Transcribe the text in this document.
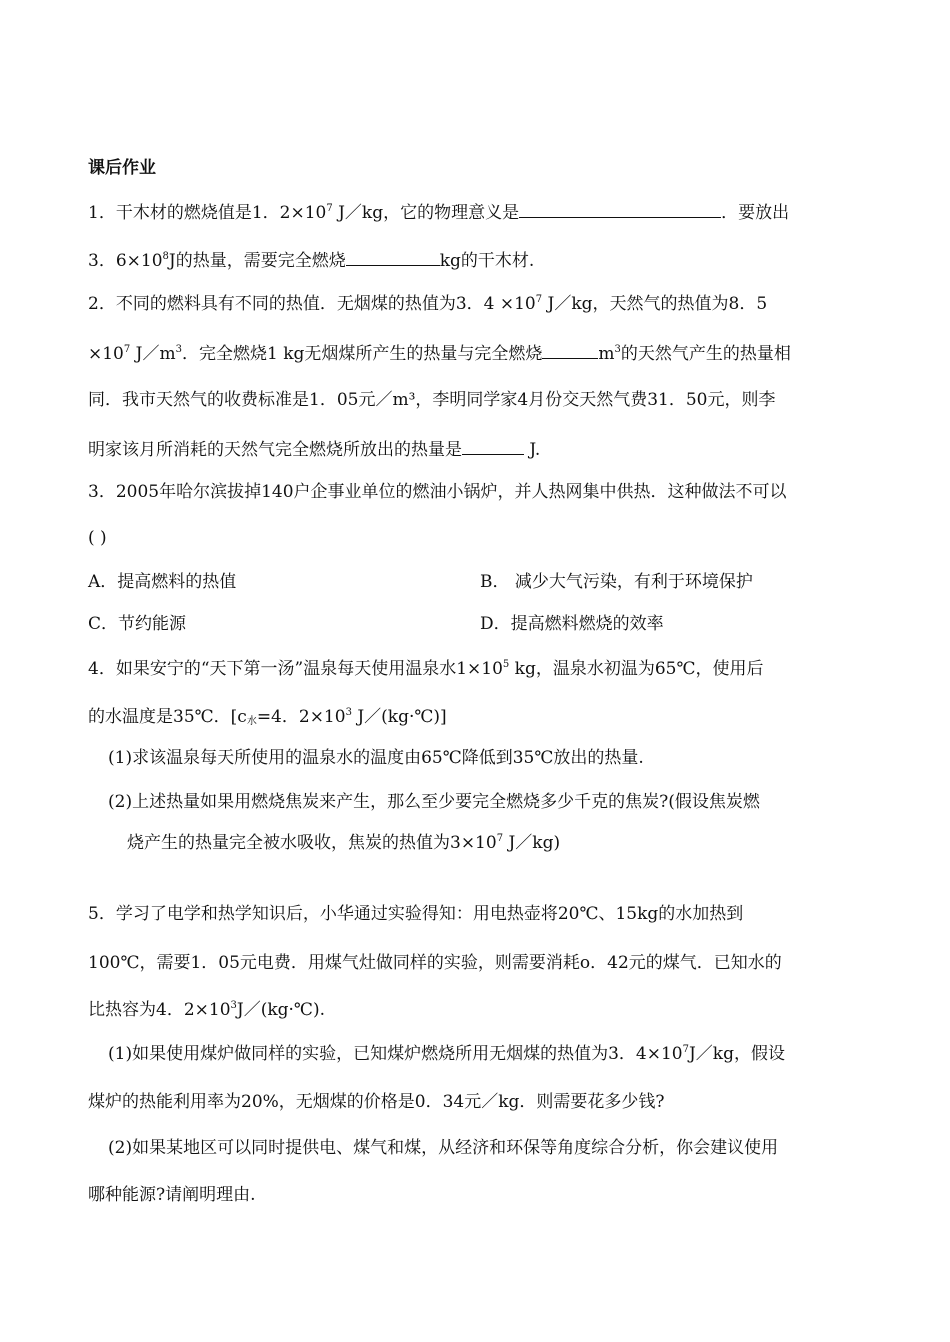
课后作业
1．干木材的燃烧值是1．$2\times 10^7$ J／kg，它的物理意义是	．要放出
3．$6\times 10^8J$的热量，需要完全燃烧	kg的干木材.
2．不同的燃料具有不同的热值．无烟煤的热值为3．$4 \times 10^7$ J／kg，天然气的热值为8．5
$\times 10^7$ $J/m^3$．完全燃烧1 kg无烟煤所产生的热量与完全燃烧	$m^3$的天然气产生的热量相
同．我市天然气的收费标准是1．05元／m³，李明同学家4月份交天然气费31．50元，则李
明家该月所消耗的天然气完全燃烧所放出的热量是	J.
3．2005年哈尔滨拔掉140户企事业单位的燃油小锅炉，并人热网集中供热．这种做法不可以
( )
A．提高燃料的热值	B． 减少大气污染，有利于环境保护
C．节约能源	D．提高燃料燃烧的效率
4．如果安宁的“天下第一汤”温泉每天使用温泉水$1\times 10^5$ kg，温泉水初温为65℃，使用后
的水温度是35℃．[$c_水=4$．$2\times 10^3$ J／(kg·℃)]
(1)求该温泉每天所使用的温泉水的温度由65℃降低到35℃放出的热量.
(2)上述热量如果用燃烧焦炭来产生，那么至少要完全燃烧多少千克的焦炭?(假设焦炭燃
烧产生的热量完全被水吸收，焦炭的热值为$3\times 10^7$ J／kg)
5．学习了电学和热学知识后，小华通过实验得知：用电热壶将20℃、15kg的水加热到
100℃，需要1．05元电费．用煤气灶做同样的实验，则需要消耗o．42元的煤气．已知水的
比热容为4．$2\times 10^3J/(kg\cdot℃)$.
(1)如果使用煤炉做同样的实验，已知煤炉燃烧所用无烟煤的热值为3．$4\times 10^7J/kg$，假设
煤炉的热能利用率为20%，无烟煤的价格是0．34元／kg．则需要花多少钱?
(2)如果某地区可以同时提供电、煤气和煤，从经济和环保等角度综合分析，你会建议使用
哪种能源?请阐明理由.
